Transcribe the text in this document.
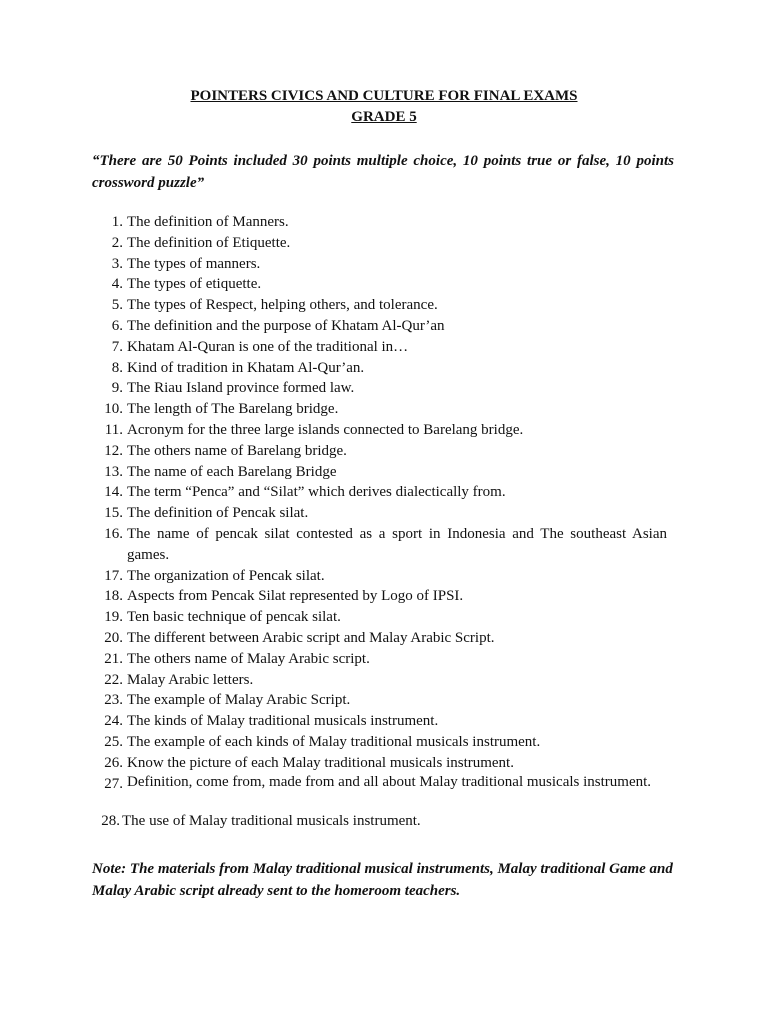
POINTERS CIVICS AND CULTURE FOR FINAL EXAMS
GRADE 5
“There are 50 Points included 30 points multiple choice, 10 points true or false, 10 points crossword puzzle”
1. The definition of Manners.
2. The definition of Etiquette.
3. The types of manners.
4. The types of etiquette.
5. The types of Respect, helping others, and tolerance.
6. The definition and the purpose of Khatam Al-Qur’an
7. Khatam Al-Quran is one of the traditional in…
8. Kind of tradition in Khatam Al-Qur’an.
9. The Riau Island province formed law.
10. The length of The Barelang bridge.
11. Acronym for the three large islands connected to Barelang bridge.
12. The others name of Barelang bridge.
13. The name of each Barelang Bridge
14. The term “Penca” and “Silat” which derives dialectically from.
15. The definition of Pencak silat.
16. The name of pencak silat contested as a sport in Indonesia and The southeast Asian games.
17. The organization of Pencak silat.
18. Aspects from Pencak Silat represented by Logo of IPSI.
19. Ten basic technique of pencak silat.
20. The different between Arabic script and Malay Arabic Script.
21. The others name of Malay Arabic script.
22. Malay Arabic letters.
23. The example of Malay Arabic Script.
24. The kinds of Malay traditional musicals instrument.
25. The example of each kinds of Malay traditional musicals instrument.
26. Know the picture of each Malay traditional musicals instrument.
27. Definition, come from, made from and all about Malay traditional musicals instrument.
28. The use of Malay traditional musicals instrument.
Note: The materials from Malay traditional musical instruments, Malay traditional Game and Malay Arabic script already sent to the homeroom teachers.
